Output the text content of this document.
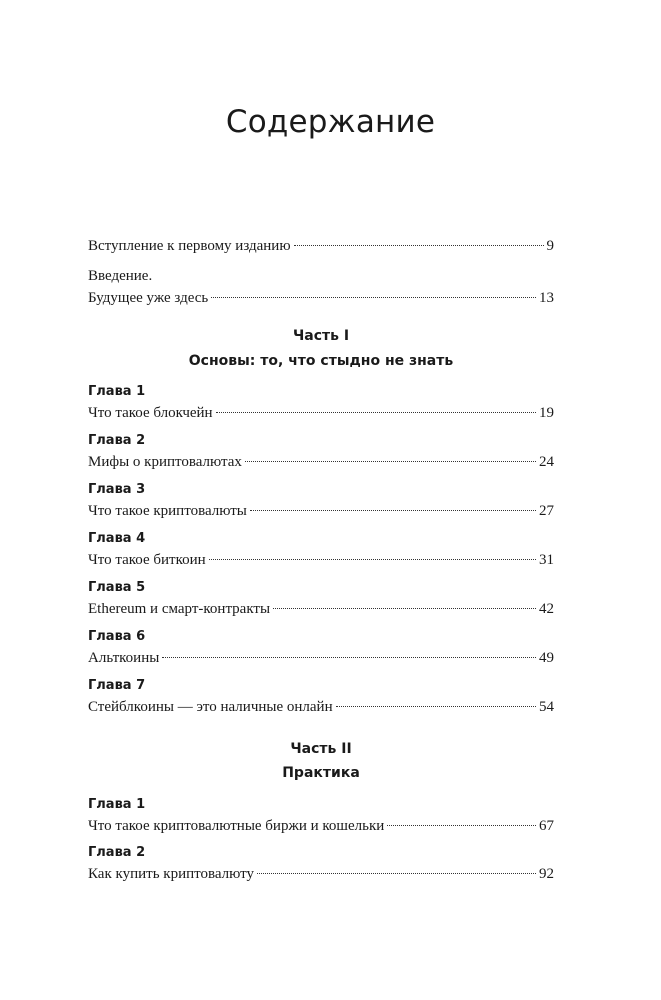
Содержание
Вступление к первому изданию	9
Введение.
Будущее уже здесь	13
Часть I
Основы: то, что стыдно не знать
Глава 1
Что такое блокчейн	19
Глава 2
Мифы о криптовалютах	24
Глава 3
Что такое криптовалюты	27
Глава 4
Что такое биткоин	31
Глава 5
Ethereum и смарт-контракты	42
Глава 6
Альткоины	49
Глава 7
Стейблкоины — это наличные онлайн	54
Часть II
Практика
Глава 1
Что такое криптовалютные биржи и кошельки	67
Глава 2
Как купить криптовалюту	92
